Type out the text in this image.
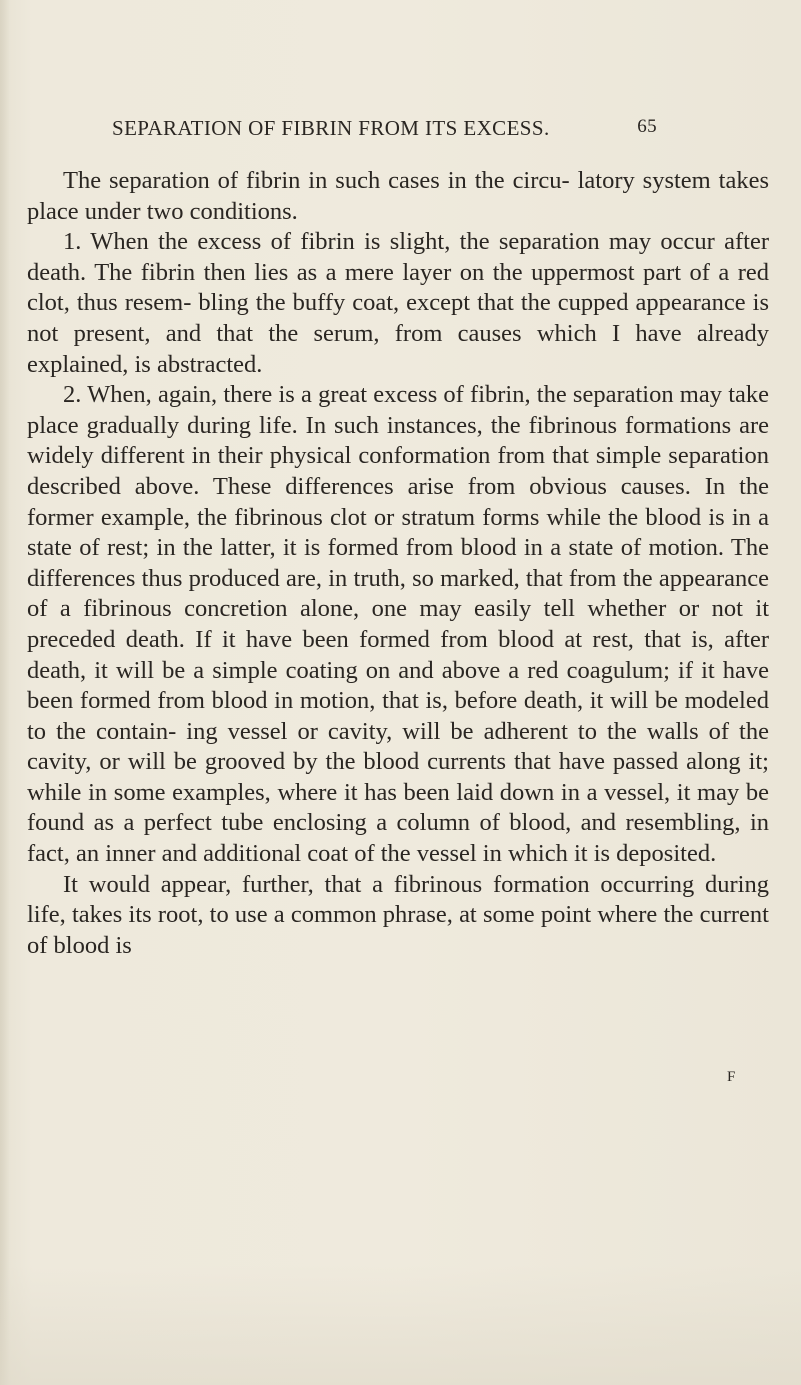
SEPARATION OF FIBRIN FROM ITS EXCESS.	65

The separation of fibrin in such cases in the circu- latory system takes place under two conditions.

1. When the excess of fibrin is slight, the separation may occur after death. The fibrin then lies as a mere layer on the uppermost part of a red clot, thus resem- bling the buffy coat, except that the cupped appearance is not present, and that the serum, from causes which I have already explained, is abstracted.

2. When, again, there is a great excess of fibrin, the separation may take place gradually during life. In such instances, the fibrinous formations are widely different in their physical conformation from that simple separation described above. These differences arise from obvious causes. In the former example, the fibrinous clot or stratum forms while the blood is in a state of rest; in the latter, it is formed from blood in a state of motion. The differences thus produced are, in truth, so marked, that from the appearance of a fibrinous concretion alone, one may easily tell whether or not it preceded death. If it have been formed from blood at rest, that is, after death, it will be a simple coating on and above a red coagulum; if it have been formed from blood in motion, that is, before death, it will be modeled to the contain- ing vessel or cavity, will be adherent to the walls of the cavity, or will be grooved by the blood currents that have passed along it; while in some examples, where it has been laid down in a vessel, it may be found as a perfect tube enclosing a column of blood, and resembling, in fact, an inner and additional coat of the vessel in which it is deposited.

It would appear, further, that a fibrinous formation occurring during life, takes its root, to use a common phrase, at some point where the current of blood is

F
